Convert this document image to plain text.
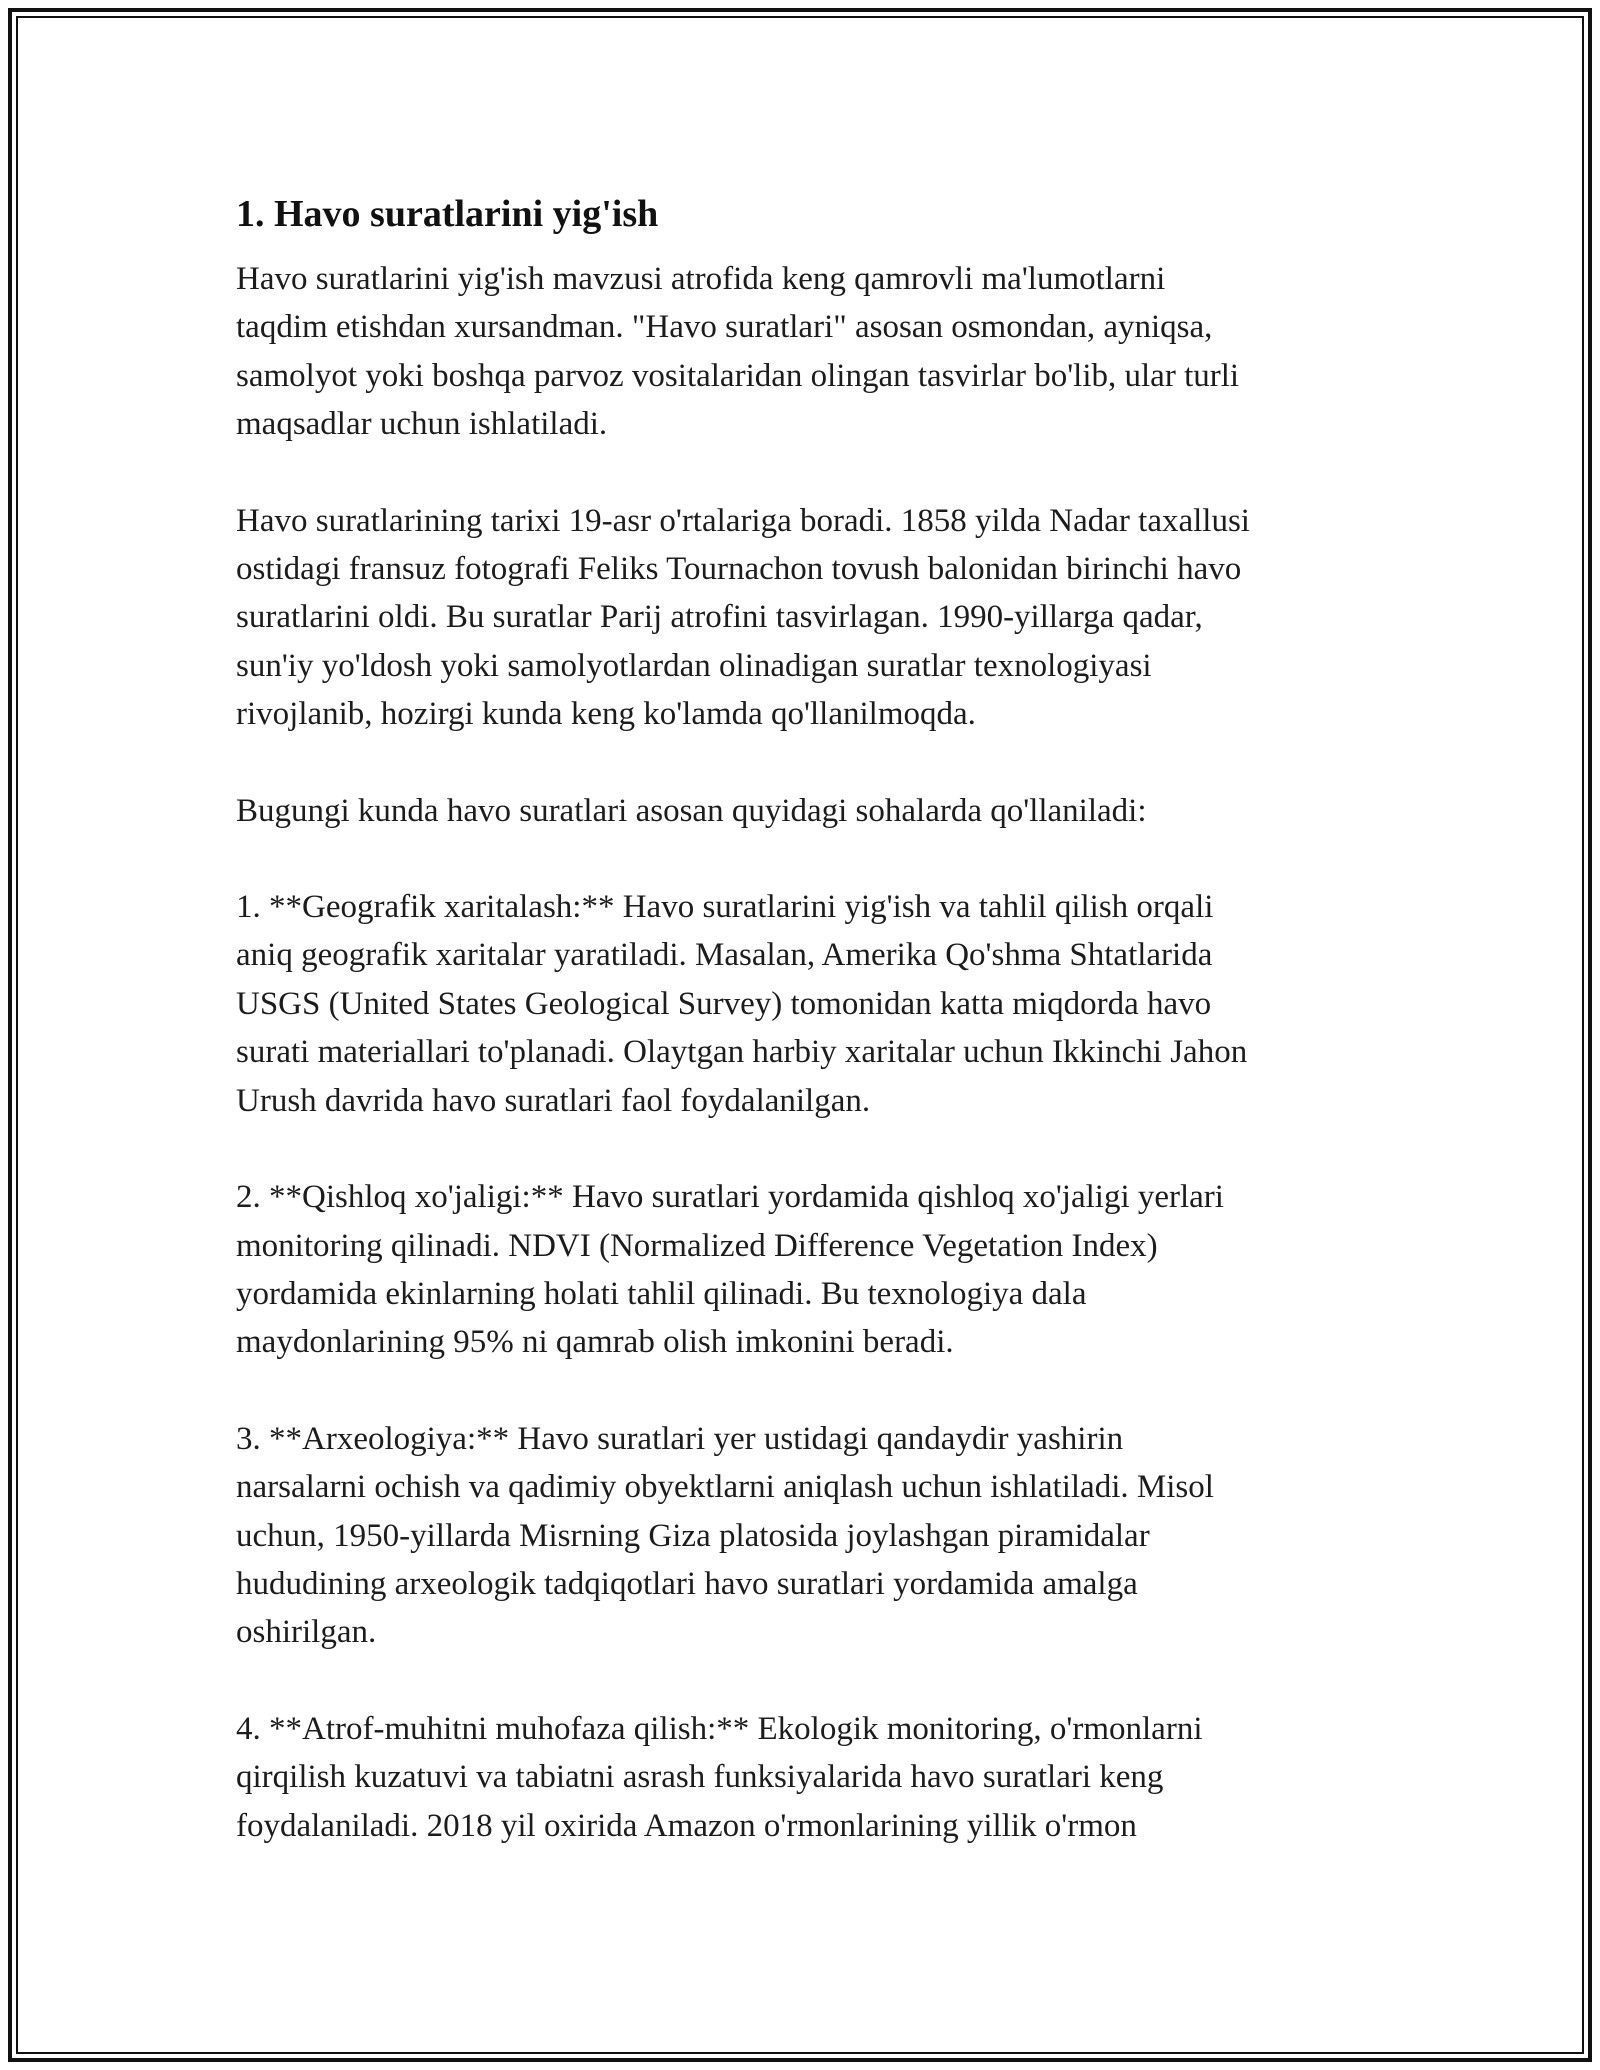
1. Havo suratlarini yig'ish

Havo suratlarini yig'ish mavzusi atrofida keng qamrovli ma'lumotlarni
taqdim etishdan xursandman. "Havo suratlari" asosan osmondan, ayniqsa,
samolyot yoki boshqa parvoz vositalaridan olingan tasvirlar bo'lib, ular turli
maqsadlar uchun ishlatiladi.

Havo suratlarining tarixi 19-asr o'rtalariga boradi. 1858 yilda Nadar taxallusi
ostidagi fransuz fotografi Feliks Tournachon tovush balonidan birinchi havo
suratlarini oldi. Bu suratlar Parij atrofini tasvirlagan. 1990-yillarga qadar,
sun'iy yo'ldosh yoki samolyotlardan olinadigan suratlar texnologiyasi
rivojlanib, hozirgi kunda keng ko'lamda qo'llanilmoqda.

Bugungi kunda havo suratlari asosan quyidagi sohalarda qo'llaniladi:

1. **Geografik xaritalash:** Havo suratlarini yig'ish va tahlil qilish orqali
aniq geografik xaritalar yaratiladi. Masalan, Amerika Qo'shma Shtatlarida
USGS (United States Geological Survey) tomonidan katta miqdorda havo
surati materiallari to'planadi. Olaytgan harbiy xaritalar uchun Ikkinchi Jahon
Urush davrida havo suratlari faol foydalanilgan.

2. **Qishloq xo'jaligi:** Havo suratlari yordamida qishloq xo'jaligi yerlari
monitoring qilinadi. NDVI (Normalized Difference Vegetation Index)
yordamida ekinlarning holati tahlil qilinadi. Bu texnologiya dala
maydonlarining 95% ni qamrab olish imkonini beradi.

3. **Arxeologiya:** Havo suratlari yer ustidagi qandaydir yashirin
narsalarni ochish va qadimiy obyektlarni aniqlash uchun ishlatiladi. Misol
uchun, 1950-yillarda Misrning Giza platosida joylashgan piramidalar
hududining arxeologik tadqiqotlari havo suratlari yordamida amalga
oshirilgan.

4. **Atrof-muhitni muhofaza qilish:** Ekologik monitoring, o'rmonlarni
qirqilish kuzatuvi va tabiatni asrash funksiyalarida havo suratlari keng
foydalaniladi. 2018 yil oxirida Amazon o'rmonlarining yillik o'rmon
